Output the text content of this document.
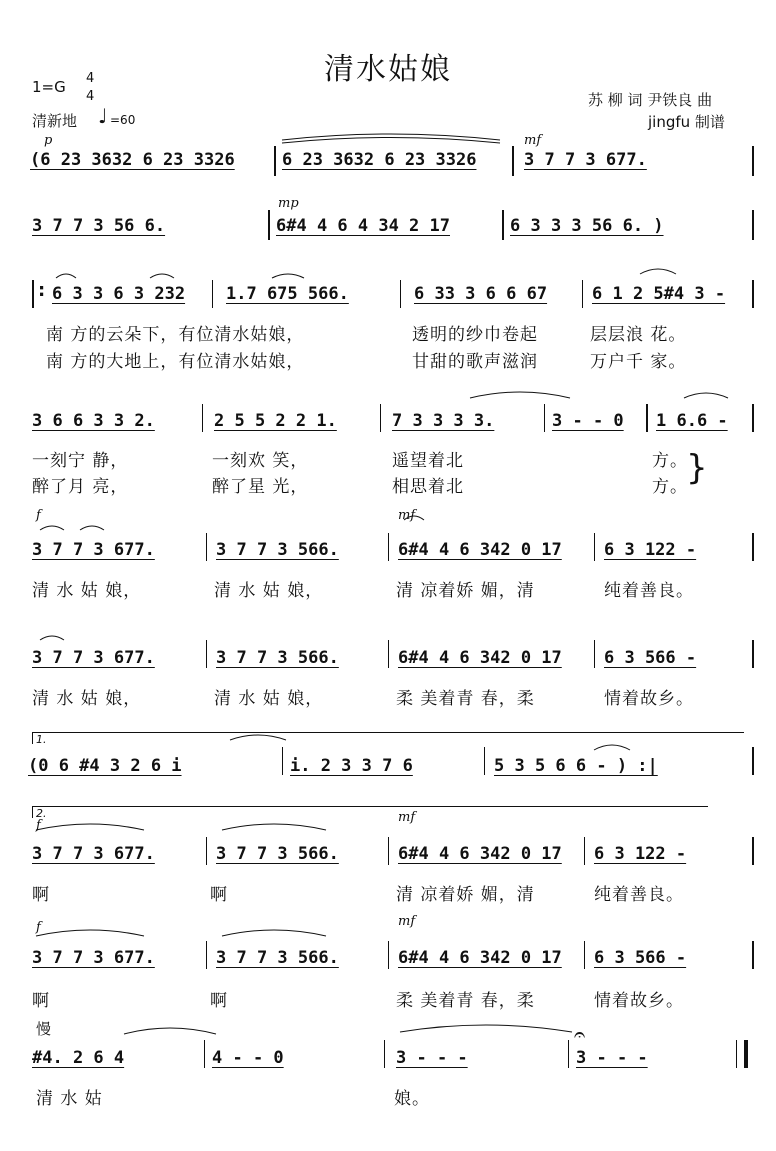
清水姑娘
1=G 4
4
清新地 ♩ =60
苏 柳 词 尹铁良 曲
jingfu 制谱
p	mf
(6 23 3632 6 23 3326	6 23 3632 6 23 3326	3 7 7 3 677.
mp
3 7 7 3 56 6.	6#4 4 6 4 34 2 17	6 3 3 3 56 6. )
: 6 3 3 6 3 232 1.7 675 566.	6 33 3 6 6 67	6 1 2 5#4 3 -
南 方的云朵下，有位清水姑娘，	透明的纱巾卷起	层层浪 花。
南 方的大地上，有位清水姑娘，	甘甜的歌声滋润	万户千 家。
3 6 6 3 3 2.	2 5 5 2 2 1.	7 3 3 3 3.	3 - - 0 1 6.6 -
一刻宁 静，	一刻欢 笑，	遥望着北	方。
醉了月 亮，	醉了星 光，	相思着北	方。
}
f	mf
3 7 7 3 677.	3 7 7 3 566.	6#4 4 6 342 0 17 6 3 122 -
清 水 姑 娘，	清 水 姑 娘，	清 凉着娇 媚，清	纯着善良。
3 7 7 3 677.	3 7 7 3 566.	6#4 4 6 342 0 17 6 3 566 -
清 水 姑 娘，	清 水 姑 娘，	柔 美着青 春，柔	情着故乡。
1.
(0 6 #4 3 2 6 i	i. 2 3 3 7 6	5 3 5 6 6 - ) :|
2.
f
mf
3 7 7 3 677.	3 7 7 3 566.	6#4 4 6 342 0 17 6 3 122 -
啊	啊	清 凉着娇 媚，清	纯着善良。
f	mf
3 7 7 3 677.	3 7 7 3 566.	6#4 4 6 342 0 17 6 3 566 -
啊	啊	柔 美着青 春，柔	情着故乡。
慢
#4. 2 6 4	4 - - 0	3 - - -
𝄐
3 - - -
清 水 姑	娘。
